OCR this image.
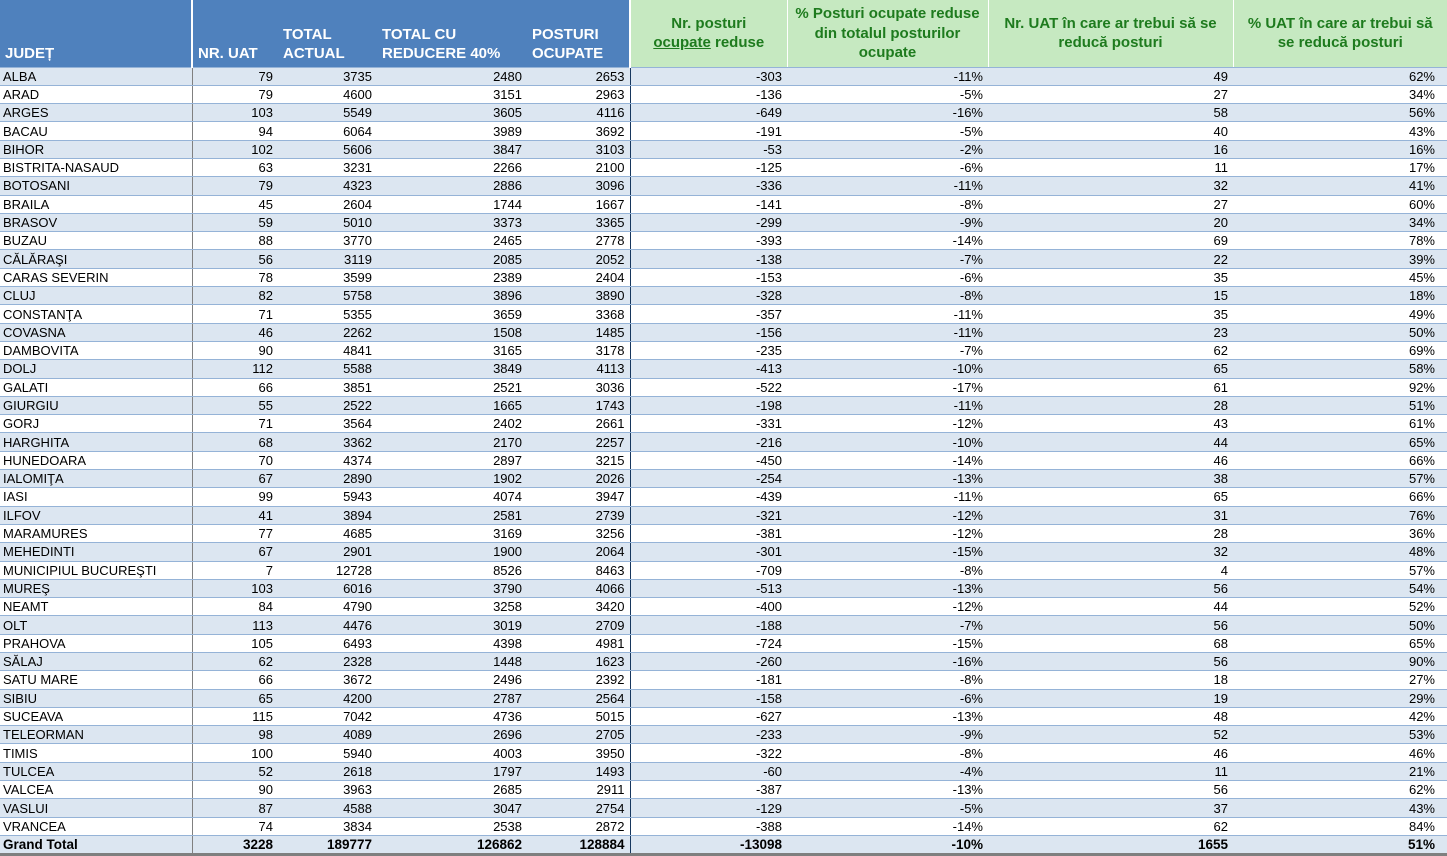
JUDEȚ	NR. UAT	TOTAL ACTUAL	TOTAL CU REDUCERE 40%	POSTURI OCUPATE	Nr. posturi
ocupate reduse	% Posturi ocupate reduse din totalul posturilor ocupate	Nr. UAT în care ar trebui să se reducă posturi	% UAT în care ar trebui să se reducă posturi
ALBA	79	3735	2480	2653	-303	-11%	49	62%
ARAD	79	4600	3151	2963	-136	-5%	27	34%
ARGES	103	5549	3605	4116	-649	-16%	58	56%
BACAU	94	6064	3989	3692	-191	-5%	40	43%
BIHOR	102	5606	3847	3103	-53	-2%	16	16%
BISTRITA-NASAUD	63	3231	2266	2100	-125	-6%	11	17%
BOTOSANI	79	4323	2886	3096	-336	-11%	32	41%
BRAILA	45	2604	1744	1667	-141	-8%	27	60%
BRASOV	59	5010	3373	3365	-299	-9%	20	34%
BUZAU	88	3770	2465	2778	-393	-14%	69	78%
CĂLĂRAŞI	56	3119	2085	2052	-138	-7%	22	39%
CARAS SEVERIN	78	3599	2389	2404	-153	-6%	35	45%
CLUJ	82	5758	3896	3890	-328	-8%	15	18%
CONSTANŢA	71	5355	3659	3368	-357	-11%	35	49%
COVASNA	46	2262	1508	1485	-156	-11%	23	50%
DAMBOVITA	90	4841	3165	3178	-235	-7%	62	69%
DOLJ	112	5588	3849	4113	-413	-10%	65	58%
GALATI	66	3851	2521	3036	-522	-17%	61	92%
GIURGIU	55	2522	1665	1743	-198	-11%	28	51%
GORJ	71	3564	2402	2661	-331	-12%	43	61%
HARGHITA	68	3362	2170	2257	-216	-10%	44	65%
HUNEDOARA	70	4374	2897	3215	-450	-14%	46	66%
IALOMIŢA	67	2890	1902	2026	-254	-13%	38	57%
IASI	99	5943	4074	3947	-439	-11%	65	66%
ILFOV	41	3894	2581	2739	-321	-12%	31	76%
MARAMURES	77	4685	3169	3256	-381	-12%	28	36%
MEHEDINTI	67	2901	1900	2064	-301	-15%	32	48%
MUNICIPIUL BUCUREŞTI	7	12728	8526	8463	-709	-8%	4	57%
MUREŞ	103	6016	3790	4066	-513	-13%	56	54%
NEAMT	84	4790	3258	3420	-400	-12%	44	52%
OLT	113	4476	3019	2709	-188	-7%	56	50%
PRAHOVA	105	6493	4398	4981	-724	-15%	68	65%
SĂLAJ	62	2328	1448	1623	-260	-16%	56	90%
SATU MARE	66	3672	2496	2392	-181	-8%	18	27%
SIBIU	65	4200	2787	2564	-158	-6%	19	29%
SUCEAVA	115	7042	4736	5015	-627	-13%	48	42%
TELEORMAN	98	4089	2696	2705	-233	-9%	52	53%
TIMIS	100	5940	4003	3950	-322	-8%	46	46%
TULCEA	52	2618	1797	1493	-60	-4%	11	21%
VALCEA	90	3963	2685	2911	-387	-13%	56	62%
VASLUI	87	4588	3047	2754	-129	-5%	37	43%
VRANCEA	74	3834	2538	2872	-388	-14%	62	84%
Grand Total	3228	189777	126862	128884	-13098	-10%	1655	51%
